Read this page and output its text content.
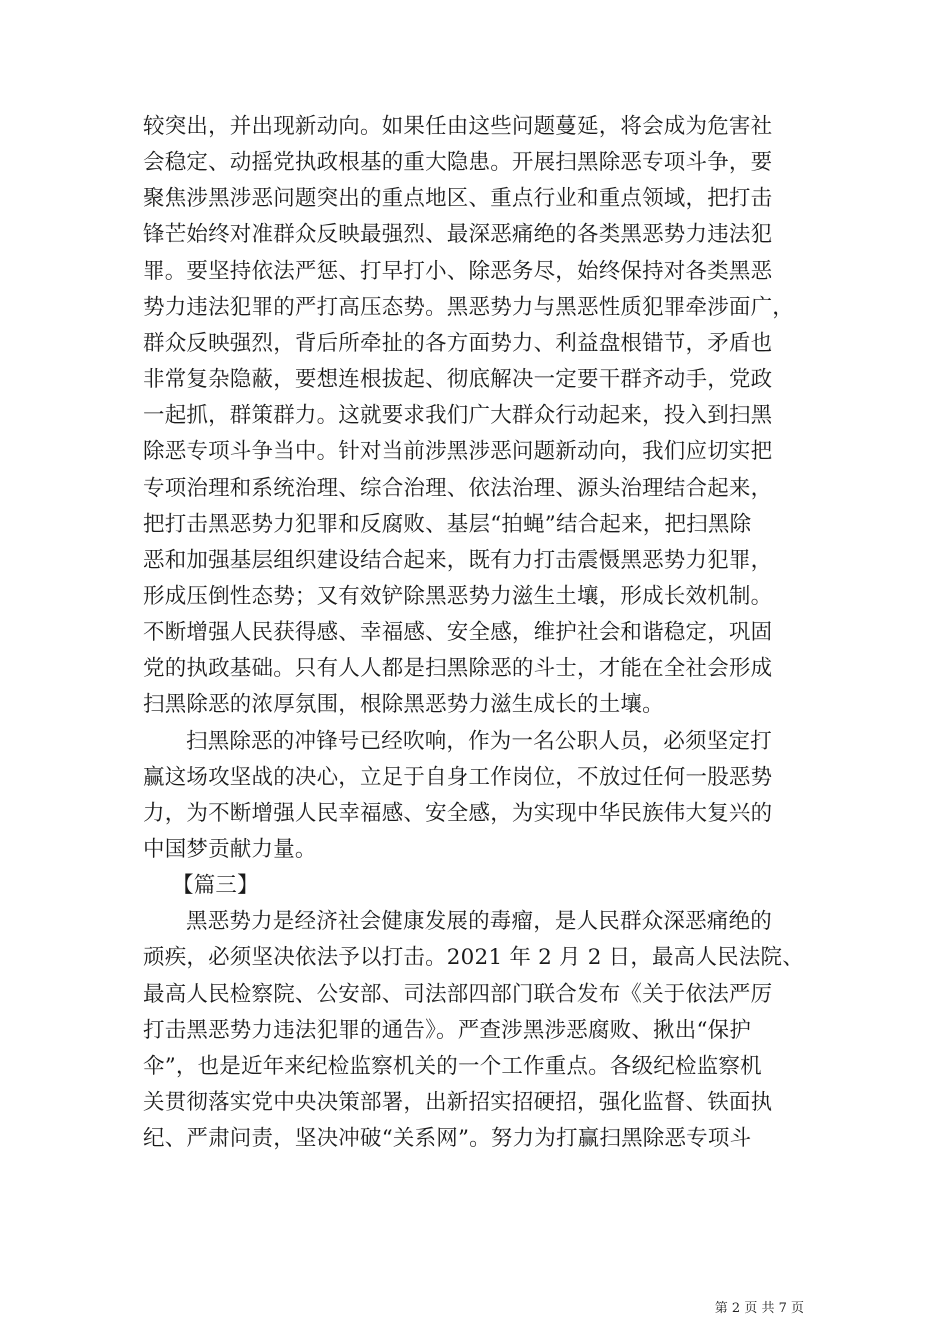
较突出，并出现新动向。如果任由这些问题蔓延，将会成为危害社
会稳定、动摇党执政根基的重大隐患。开展扫黑除恶专项斗争，要
聚焦涉黑涉恶问题突出的重点地区、重点行业和重点领域，把打击
锋芒始终对准群众反映最强烈、最深恶痛绝的各类黑恶势力违法犯
罪。要坚持依法严惩、打早打小、除恶务尽，始终保持对各类黑恶
势力违法犯罪的严打高压态势。黑恶势力与黑恶性质犯罪牵涉面广，
群众反映强烈，背后所牵扯的各方面势力、利益盘根错节，矛盾也
非常复杂隐蔽，要想连根拔起、彻底解决一定要干群齐动手，党政
一起抓，群策群力。这就要求我们广大群众行动起来，投入到扫黑
除恶专项斗争当中。针对当前涉黑涉恶问题新动向，我们应切实把
专项治理和系统治理、综合治理、依法治理、源头治理结合起来，
把打击黑恶势力犯罪和反腐败、基层“拍蝇”结合起来，把扫黑除
恶和加强基层组织建设结合起来，既有力打击震慑黑恶势力犯罪，
形成压倒性态势；又有效铲除黑恶势力滋生土壤，形成长效机制。
不断增强人民获得感、幸福感、安全感，维护社会和谐稳定，巩固
党的执政基础。只有人人都是扫黑除恶的斗士，才能在全社会形成
扫黑除恶的浓厚氛围，根除黑恶势力滋生成长的土壤。
扫黑除恶的冲锋号已经吹响，作为一名公职人员，必须坚定打
赢这场攻坚战的决心，立足于自身工作岗位，不放过任何一股恶势
力，为不断增强人民幸福感、安全感，为实现中华民族伟大复兴的
中国梦贡献力量。
【篇三】
黑恶势力是经济社会健康发展的毒瘤，是人民群众深恶痛绝的
顽疾，必须坚决依法予以打击。2021 年 2 月 2 日，最高人民法院、
最高人民检察院、公安部、司法部四部门联合发布《关于依法严厉
打击黑恶势力违法犯罪的通告》。严查涉黑涉恶腐败、揪出“保护
伞”，也是近年来纪检监察机关的一个工作重点。各级纪检监察机
关贯彻落实党中央决策部署，出新招实招硬招，强化监督、铁面执
纪、严肃问责，坚决冲破“关系网”。努力为打赢扫黑除恶专项斗
第 2 页 共 7 页
